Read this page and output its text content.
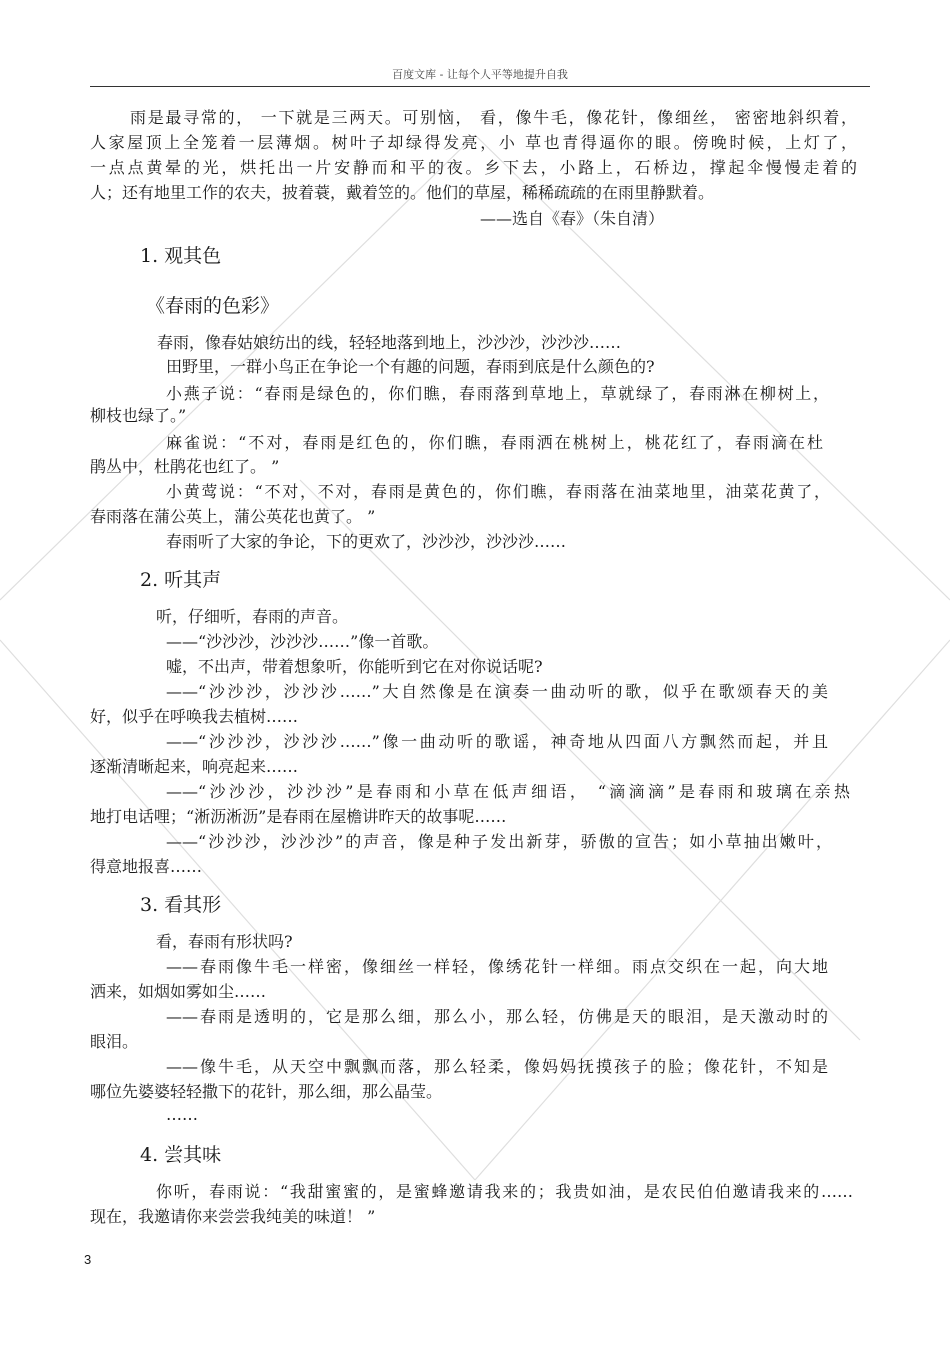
百度文库 - 让每个人平等地提升自我
雨是最寻常的， 一下就是三两天。可别恼， 看，像牛毛，像花针，像细丝， 密密地斜织着，
人家屋顶上全笼着一层薄烟。树叶子却绿得发亮，小 草也青得逼你的眼。傍晚时候，上灯了，
一点点黄晕的光，烘托出一片安静而和平的夜。乡下去，小路上，石桥边，撑起伞慢慢走着的
人；还有地里工作的农夫，披着蓑，戴着笠的。他们的草屋，稀稀疏疏的在雨里静默着。
——选自《春》（朱自清）
1. 观其色
《春雨的色彩》
春雨，像春姑娘纺出的线，轻轻地落到地上，沙沙沙，沙沙沙……
田野里，一群小鸟正在争论一个有趣的问题，春雨到底是什么颜色的?
小燕子说：“春雨是绿色的，你们瞧，春雨落到草地上，草就绿了，春雨淋在柳树上，
柳枝也绿了。”
麻雀说：“不对，春雨是红色的，你们瞧，春雨洒在桃树上，桃花红了，春雨滴在杜
鹃丛中，杜鹃花也红了。 ”
小黄莺说：“不对，不对，春雨是黄色的，你们瞧，春雨落在油菜地里，油菜花黄了，
春雨落在蒲公英上，蒲公英花也黄了。 ”
春雨听了大家的争论，下的更欢了，沙沙沙，沙沙沙……
2. 听其声
听，仔细听，春雨的声音。
——“沙沙沙，沙沙沙……”像一首歌。
嘘，不出声，带着想象听，你能听到它在对你说话呢?
——“沙沙沙，沙沙沙……”大自然像是在演奏一曲动听的歌，似乎在歌颂春天的美
好，似乎在呼唤我去植树……
——“沙沙沙，沙沙沙……”像一曲动听的歌谣，神奇地从四面八方飘然而起，并且
逐渐清晰起来，响亮起来……
——“沙沙沙，沙沙沙”是春雨和小草在低声细语， “滴滴滴”是春雨和玻璃在亲热
地打电话哩；“淅沥淅沥”是春雨在屋檐讲昨天的故事呢……
——“沙沙沙，沙沙沙”的声音，像是种子发出新芽，骄傲的宣告；如小草抽出嫩叶，
得意地报喜……
3. 看其形
看，春雨有形状吗?
——春雨像牛毛一样密，像细丝一样轻，像绣花针一样细。雨点交织在一起，向大地
洒来，如烟如雾如尘……
——春雨是透明的，它是那么细，那么小，那么轻，仿佛是天的眼泪，是天激动时的
眼泪。
——像牛毛，从天空中飘飘而落，那么轻柔，像妈妈抚摸孩子的脸；像花针，不知是
哪位先婆婆轻轻撒下的花针，那么细，那么晶莹。
……
4. 尝其味
你听，春雨说：“我甜蜜蜜的，是蜜蜂邀请我来的；我贵如油，是农民伯伯邀请我来的……
现在，我邀请你来尝尝我纯美的味道！ ”
3
